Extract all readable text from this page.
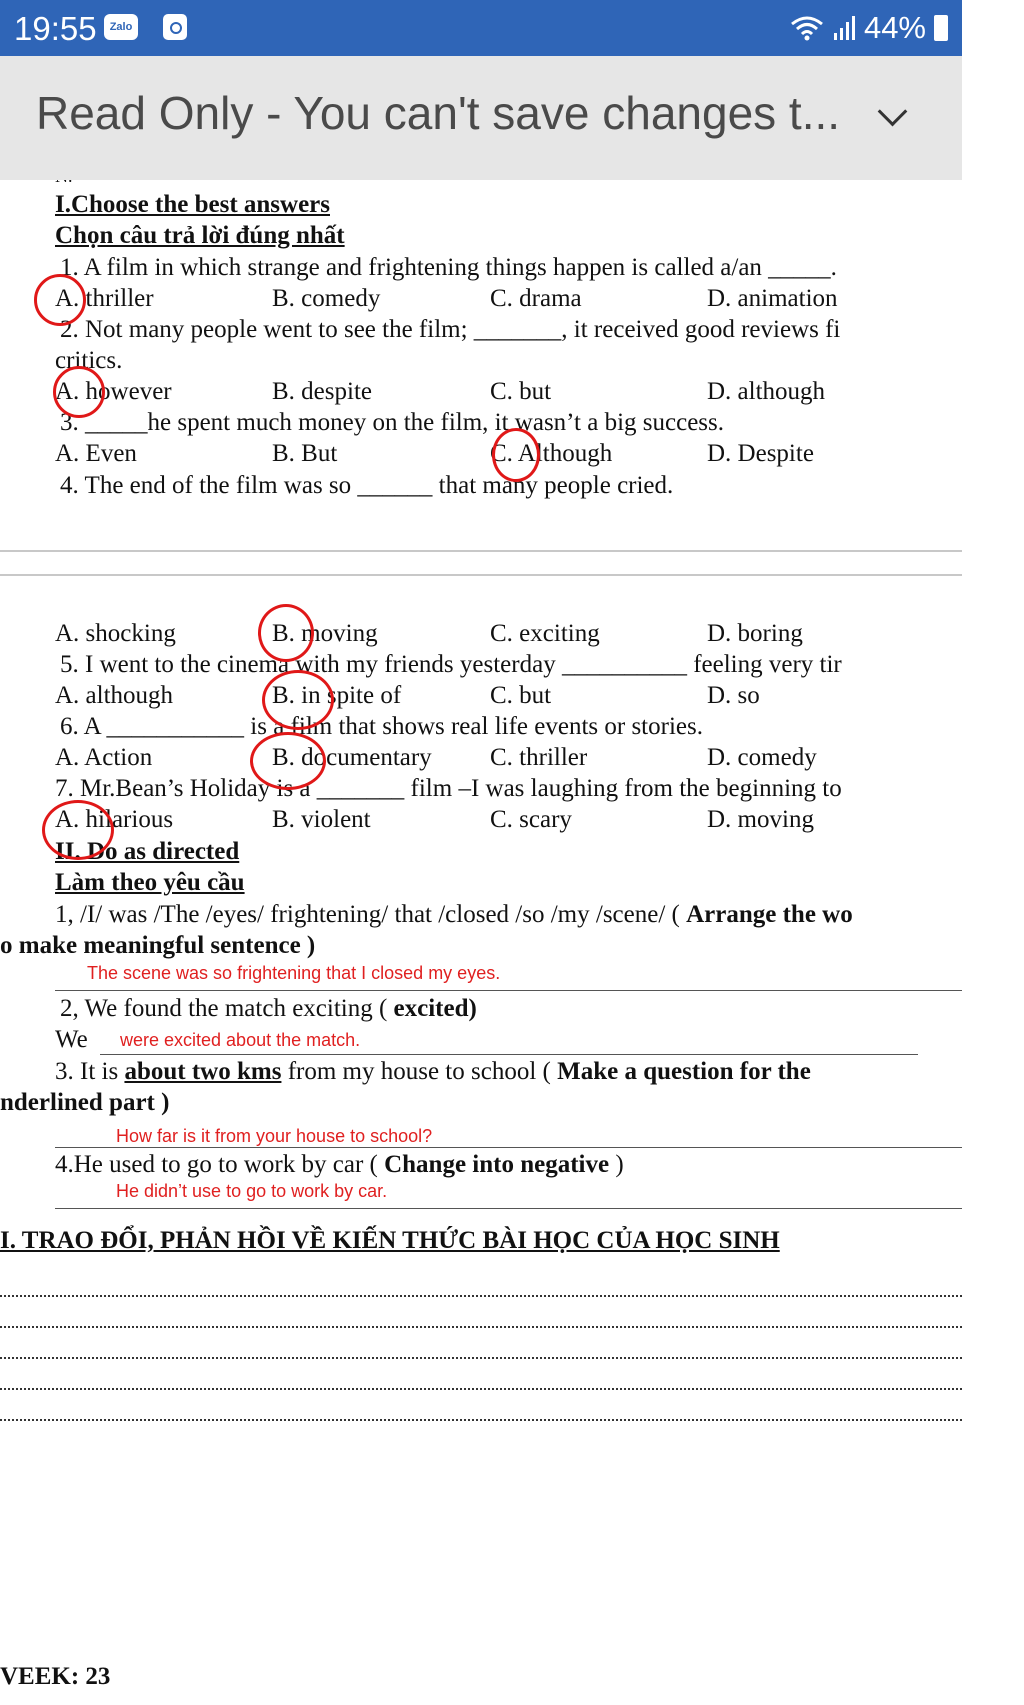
I.Choose the best answers
Chọn câu trả lời đúng nhất
1. A film in which strange and frightening things happen is called a/an _____.
A. thriller	B. comedy	C. drama	D. animation
2. Not many people went to see the film; _______, it received good reviews fi
critics.
A. however	B. despite	C. but	D. although
3. _____he spent much money on the film, it wasn’t a big success.
A. Even	B. But	C. Although	D. Despite
4. The end of the film was so ______ that many people cried.
A. shocking	B. moving	C. exciting	D. boring
5. I went to the cinema with my friends yesterday __________ feeling very tir
A. although	B. in spite of	C. but	D. so
6. A ___________ is a film that shows real life events or stories.
A. Action	B. documentary C. thriller	D. comedy
7. Mr.Bean’s Holiday is a _______ film –I was laughing from the beginning to
A. hilarious	B. violent	C. scary	D. moving
II. Do as directed
Làm theo yêu cầu
1, /I/ was /The /eyes/ frightening/ that /closed /so /my /scene/ ( Arrange the wo
o make meaningful sentence )
The scene was so frightening that I closed my eyes.
2, We found the match exciting ( excited)
We were excited about the match.
3. It is about two kms from my house to school ( Make a question for the
nderlined part )
How far is it from your house to school?
4.He used to go to work by car ( Change into negative )
He didn’t use to go to work by car.
I. TRAO ĐỔI, PHẢN HỒI VỀ KIẾN THỨC BÀI HỌC CỦA HỌC SINH
VEEK: 23
19:55	Zalo	44%
Read Only - You can't save changes t...
